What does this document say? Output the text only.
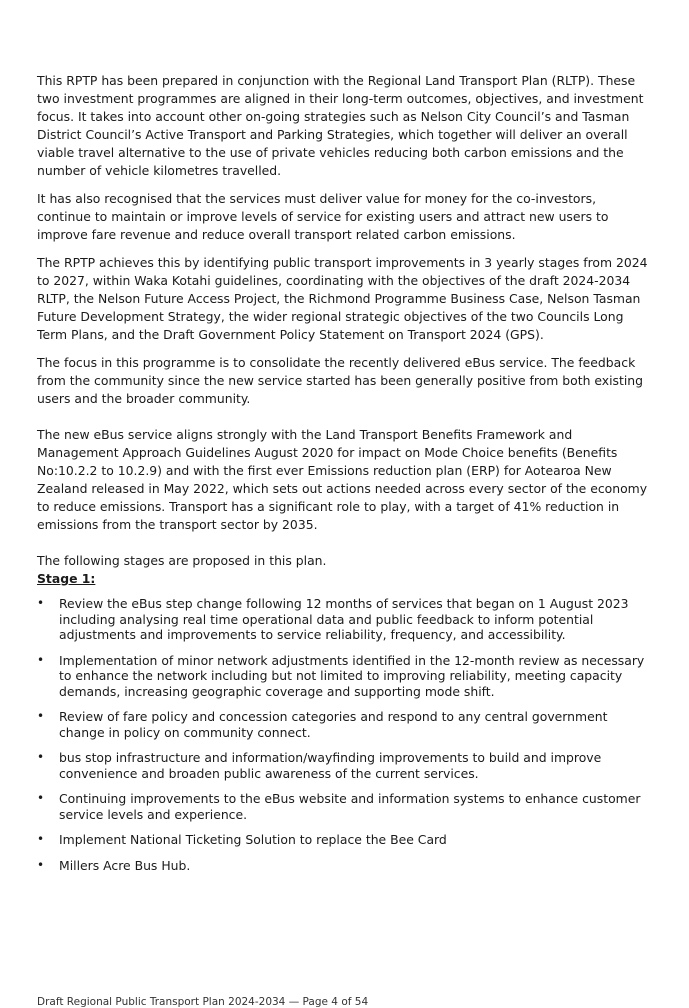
This RPTP has been prepared in conjunction with the Regional Land Transport Plan (RLTP). These two investment programmes are aligned in their long-term outcomes, objectives, and investment focus. It takes into account other on-going strategies such as Nelson City Council’s and Tasman District Council’s Active Transport and Parking Strategies, which together will deliver an overall viable travel alternative to the use of private vehicles reducing both carbon emissions and the number of vehicle kilometres travelled.

It has also recognised that the services must deliver value for money for the co-investors, continue to maintain or improve levels of service for existing users and attract new users to improve fare revenue and reduce overall transport related carbon emissions.

The RPTP achieves this by identifying public transport improvements in 3 yearly stages from 2024 to 2027, within Waka Kotahi guidelines, coordinating with the objectives of the draft 2024-2034 RLTP, the Nelson Future Access Project, the Richmond Programme Business Case, Nelson Tasman Future Development Strategy, the wider regional strategic objectives of the two Councils Long Term Plans, and the Draft Government Policy Statement on Transport 2024 (GPS).

The focus in this programme is to consolidate the recently delivered eBus service. The feedback from the community since the new service started has been generally positive from both existing users and the broader community.

The new eBus service aligns strongly with the Land Transport Benefits Framework and Management Approach Guidelines August 2020 for impact on Mode Choice benefits (Benefits No:10.2.2 to 10.2.9) and with the first ever Emissions reduction plan (ERP) for Aotearoa New Zealand released in May 2022, which sets out actions needed across every sector of the economy to reduce emissions. Transport has a significant role to play, with a target of 41% reduction in emissions from the transport sector by 2035.

The following stages are proposed in this plan.

Stage 1:

• Review the eBus step change following 12 months of services that began on 1 August 2023 including analysing real time operational data and public feedback to inform potential adjustments and improvements to service reliability, frequency, and accessibility.
• Implementation of minor network adjustments identified in the 12-month review as necessary to enhance the network including but not limited to improving reliability, meeting capacity demands, increasing geographic coverage and supporting mode shift.
• Review of fare policy and concession categories and respond to any central government change in policy on community connect.
• bus stop infrastructure and information/wayfinding improvements to build and improve convenience and broaden public awareness of the current services.
• Continuing improvements to the eBus website and information systems to enhance customer service levels and experience.
• Implement National Ticketing Solution to replace the Bee Card
• Millers Acre Bus Hub.
Draft Regional Public Transport Plan 2024-2034 — Page 4 of 54
